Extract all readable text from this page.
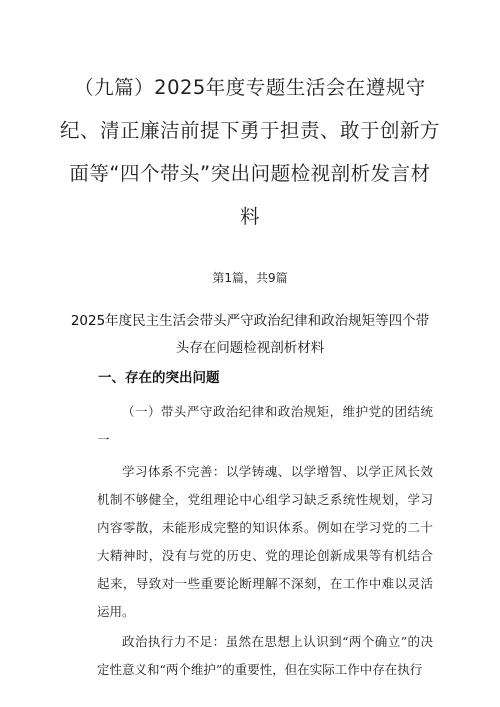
（九篇）2025年度专题生活会在遵规守纪、清正廉洁前提下勇于担责、敢于创新方面等“四个带头”突出问题检视剖析发言材料
第1篇，共9篇
2025年度民主生活会带头严守政治纪律和政治规矩等四个带头存在问题检视剖析材料
一、存在的突出问题

（一）带头严守政治纪律和政治规矩，维护党的团结统一

学习体系不完善：以学铸魂、以学增智、以学正风长效机制不够健全，党组理论中心组学习缺乏系统性规划，学习内容零散，未能形成完整的知识体系。例如在学习党的二十大精神时，没有与党的历史、党的理论创新成果等有机结合起来，导致对一些重要论断理解不深刻，在工作中难以灵活运用。

政治执行力不足：虽然在思想上认识到“两个确立”的决定性意义和“两个维护”的重要性，但在实际工作中存在执行
